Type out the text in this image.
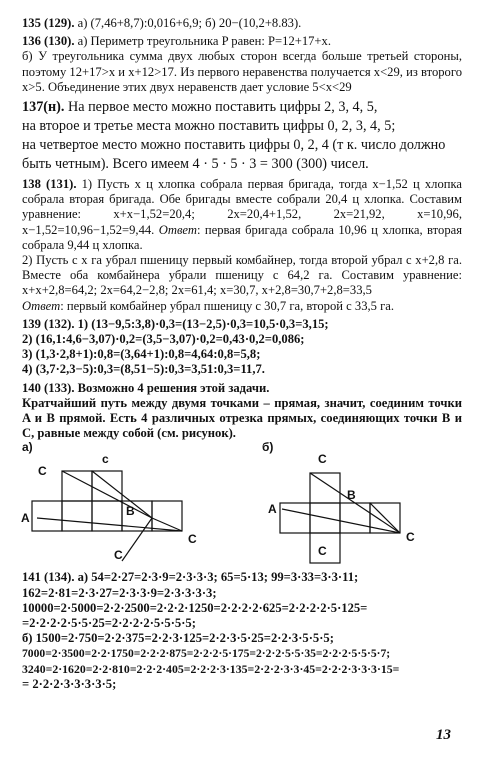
135 (129). а) (7,46+8,7):0,016+6,9; б) 20−(10,2+8.83).

136 (130). а) Периметр треугольника P равен: P=12+17+x.

б) У треугольника сумма двух любых сторон всегда больше третьей стороны, поэтому 12+17>x и x+12>17. Из первого неравенства получается x<29, из второго x>5. Объединение этих двух неравенств дает условие 5<x<29

137(н). На первое место можно поставить цифры 2, 3, 4, 5,

на второе и третье места можно поставить цифры 0, 2, 3, 4, 5;

на четвертое место можно поставить цифры 0, 2, 4 (т к. число должно быть четным). Всего имеем 4 · 5 · 5 · 3 = 300 (300) чисел.

138 (131). 1) Пусть x ц хлопка собрала первая бригада, тогда x−1,52 ц хлопка собрала вторая бригада. Обе бригады вместе собрали 20,4 ц хлопка. Составим уравнение: x+x−1,52=20,4; 2x=20,4+1,52, 2x=21,92, x=10,96, x−1,52=10,96−1,52=9,44. Ответ: первая бригада собрала 10,96 ц хлопка, вторая собрала 9,44 ц хлопка.

2) Пусть с x га убрал пшеницу первый комбайнер, тогда второй убрал с x+2,8 га. Вместе оба комбайнера убрали пшеницу с 64,2 га. Составим уравнение: x+x+2,8=64,2; 2x=64,2−2,8; 2x=61,4; x=30,7, x+2,8=30,7+2,8=33,5

Ответ: первый комбайнер убрал пшеницу с 30,7 га, второй с 33,5 га.

139 (132). 1) (13−9,5:3,8)·0,3=(13−2,5)·0,3=10,5·0,3=3,15;

2) (16,1:4,6−3,07)·0,2=(3,5−3,07)·0,2=0,43·0,2=0,086;

3) (1,3·2,8+1):0,8=(3,64+1):0,8=4,64:0,8=5,8;

4) (3,7·2,3−5):0,3=(8,51−5):0,3=3,51:0,3=11,7.

140 (133). Возможно 4 решения этой задачи.

Кратчайший путь между двумя точками – прямая, значит, соединим точки A и B прямой. Есть 4 различных отрезка прямых, соединяющих точки B и C, равные между собой (см. рисунок).

а)
C
c
A	B
C
C
б)
C
A
B
C
C

141 (134). а) 54=2·27=2·3·9=2·3·3·3; 65=5·13; 99=3·33=3·3·11;

162=2·81=2·3·27=2·3·3·9=2·3·3·3·3;

10000=2·5000=2·2·2500=2·2·2·1250=2·2·2·2·625=2·2·2·2·5·125=

=2·2·2·2·5·5·25=2·2·2·2·5·5·5·5;

б) 1500=2·750=2·2·375=2·2·3·125=2·2·3·5·25=2·2·3·5·5·5;

7000=2·3500=2·2·1750=2·2·2·875=2·2·2·5·175=2·2·2·5·5·35=2·2·2·5·5·5·7;

3240=2·1620=2·2·810=2·2·2·405=2·2·2·3·135=2·2·2·3·3·45=2·2·2·3·3·3·15=

= 2·2·2·3·3·3·3·5;

13
